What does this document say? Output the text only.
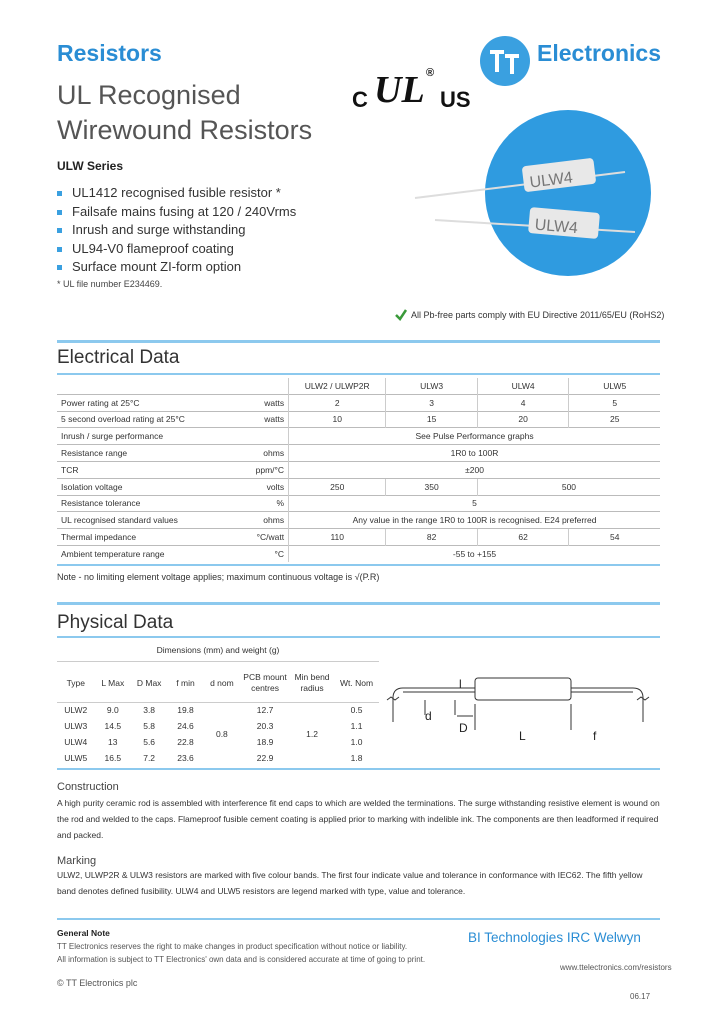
Resistors
UL Recognised
Wirewound Resistors
ULW Series
UL1412 recognised fusible resistor *
Failsafe mains fusing at 120 / 240Vrms
Inrush and surge withstanding
UL94-V0 flameproof coating
Surface mount ZI-form option
* UL file number E234469.
C UL ®
US
Electronics
ULW4
ULW4
All Pb-free parts comply with EU Directive 2011/65/EU (RoHS2)
Electrical Data
		ULW2 / ULWP2R	ULW3	ULW4	ULW5
Power rating at 25°C	watts	2	3	4	5
5 second overload rating at 25°C	watts	10	15	20	25
Inrush / surge performance		See Pulse Performance graphs			
Resistance range	ohms	1R0 to 100R			
TCR	ppm/°C	±200			
Isolation voltage	volts	250	350	500	
Resistance tolerance	%	5			
UL recognised standard values	ohms	Any value in the range 1R0 to 100R is recognised. E24 preferred			
Thermal impedance	°C/watt	110	82	62	54
Ambient temperature range	°C	-55 to +155			
Note - no limiting element voltage applies; maximum continuous voltage is √(P.R)
Physical Data
Dimensions (mm) and weight (g)
Type	L Max	D Max	f min	d nom	PCB mount centres	Min bend radius	Wt. Nom
ULW2	9.0	3.8	19.8	0.8	12.7	1.2	0.5
ULW3	14.5	5.8	24.6		20.3		1.1
ULW4	13	5.6	22.8		18.9		1.0
ULW5	16.5	7.2	23.6		22.9		1.8
l
d
D
L	f
Construction
A high purity ceramic rod is assembled with interference fit end caps to which are welded the terminations. The surge withstanding resistive element is wound on the rod and welded to the caps. Flameproof fusible cement coating is applied prior to marking with indelible ink. The components are then leadformed if required and packed.
Marking
ULW2, ULWP2R & ULW3 resistors are marked with five colour bands. The first four indicate value and tolerance in conformance with IEC62. The fifth yellow band denotes defined fusibility. ULW4 and ULW5 resistors are legend marked with type, value and tolerance.
General Note
TT Electronics reserves the right to make changes in product specification without notice or liability.
All information is subject to TT Electronics' own data and is considered accurate at time of going to print.
© TT Electronics plc
BI Technologies IRC Welwyn
www.ttelectronics.com/resistors
06.17
